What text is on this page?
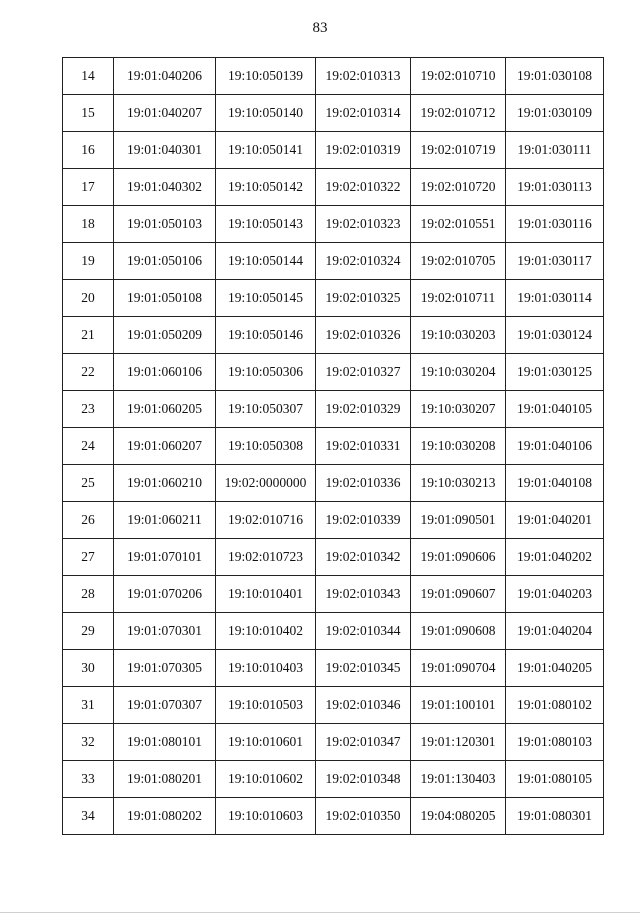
83
14	19:01:040206	19:10:050139	19:02:010313	19:02:010710	19:01:030108
15	19:01:040207	19:10:050140	19:02:010314	19:02:010712	19:01:030109
16	19:01:040301	19:10:050141	19:02:010319	19:02:010719	19:01:030111
17	19:01:040302	19:10:050142	19:02:010322	19:02:010720	19:01:030113
18	19:01:050103	19:10:050143	19:02:010323	19:02:010551	19:01:030116
19	19:01:050106	19:10:050144	19:02:010324	19:02:010705	19:01:030117
20	19:01:050108	19:10:050145	19:02:010325	19:02:010711	19:01:030114
21	19:01:050209	19:10:050146	19:02:010326	19:10:030203	19:01:030124
22	19:01:060106	19:10:050306	19:02:010327	19:10:030204	19:01:030125
23	19:01:060205	19:10:050307	19:02:010329	19:10:030207	19:01:040105
24	19:01:060207	19:10:050308	19:02:010331	19:10:030208	19:01:040106
25	19:01:060210	19:02:0000000	19:02:010336	19:10:030213	19:01:040108
26	19:01:060211	19:02:010716	19:02:010339	19:01:090501	19:01:040201
27	19:01:070101	19:02:010723	19:02:010342	19:01:090606	19:01:040202
28	19:01:070206	19:10:010401	19:02:010343	19:01:090607	19:01:040203
29	19:01:070301	19:10:010402	19:02:010344	19:01:090608	19:01:040204
30	19:01:070305	19:10:010403	19:02:010345	19:01:090704	19:01:040205
31	19:01:070307	19:10:010503	19:02:010346	19:01:100101	19:01:080102
32	19:01:080101	19:10:010601	19:02:010347	19:01:120301	19:01:080103
33	19:01:080201	19:10:010602	19:02:010348	19:01:130403	19:01:080105
34	19:01:080202	19:10:010603	19:02:010350	19:04:080205	19:01:080301
